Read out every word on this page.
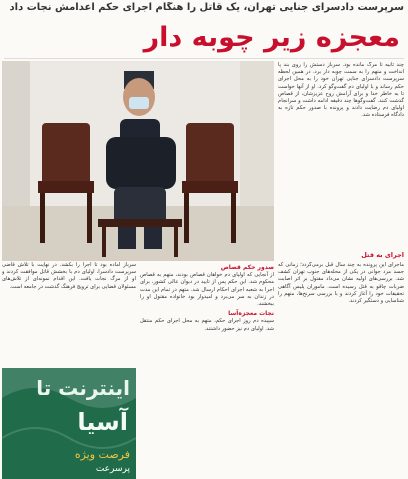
سرپرست دادسرای جنایی تهران، یک قاتل را هنگام اجرای حکم اعدامش نجات داد
معجزه زیر چوبه دار

چند ثانیه تا مرگ مانده بود. سرباز دستش را روی بند پا انداخت و متهم را به سمت چوبه دار برد. در همین لحظه سرپرست دادسرای جنایی تهران خود را به محل اجرای حکم رساند و با اولیای دم گفت‌وگو کرد. او از آنها خواست تا به خاطر خدا و برای آرامش روح عزیزشان، از قصاص گذشت کنند. گفت‌وگوها چند دقیقه ادامه داشت و سرانجام اولیای دم رضایت دادند و پرونده با صدور حکم تازه به دادگاه فرستاده شد.

اجرای به قتل

ماجرای این پرونده به چند سال قبل برمی‌گردد؛ زمانی که جسد مرد جوانی در یکی از محله‌های جنوب تهران کشف شد. بررسی‌های اولیه نشان می‌داد مقتول بر اثر اصابت ضربات چاقو به قتل رسیده است. ماموران پلیس آگاهی تحقیقات خود را آغاز کردند و با بررسی سرنخ‌ها، متهم را شناسایی و دستگیر کردند.

صدور حکم قصاص

از آنجایی که اولیای دم خواهان قصاص بودند، متهم به قصاص محکوم شد. این حکم پس از تایید در دیوان عالی کشور، برای اجرا به شعبه اجرای احکام ارسال شد. متهم در تمام این مدت در زندان به سر می‌برد و امیدوار بود خانواده مقتول او را ببخشند.

نجات معجزه‌آسا

سپیده دم روز اجرای حکم، متهم به محل اجرای حکم منتقل شد. اولیای دم نیز حضور داشتند.

سرباز آماده بود تا اجرا را بکشد. در نهایت با تلاش قاضی سرپرست دادسرا، اولیای دم با بخشش قاتل موافقت کردند و او از مرگ نجات یافت. این اقدام نمونه‌ای از تلاش‌های مسئولان قضایی برای ترویج فرهنگ گذشت در جامعه است.

اینترنت تا
آسیا
فرصت ویژه
پرسرعت
